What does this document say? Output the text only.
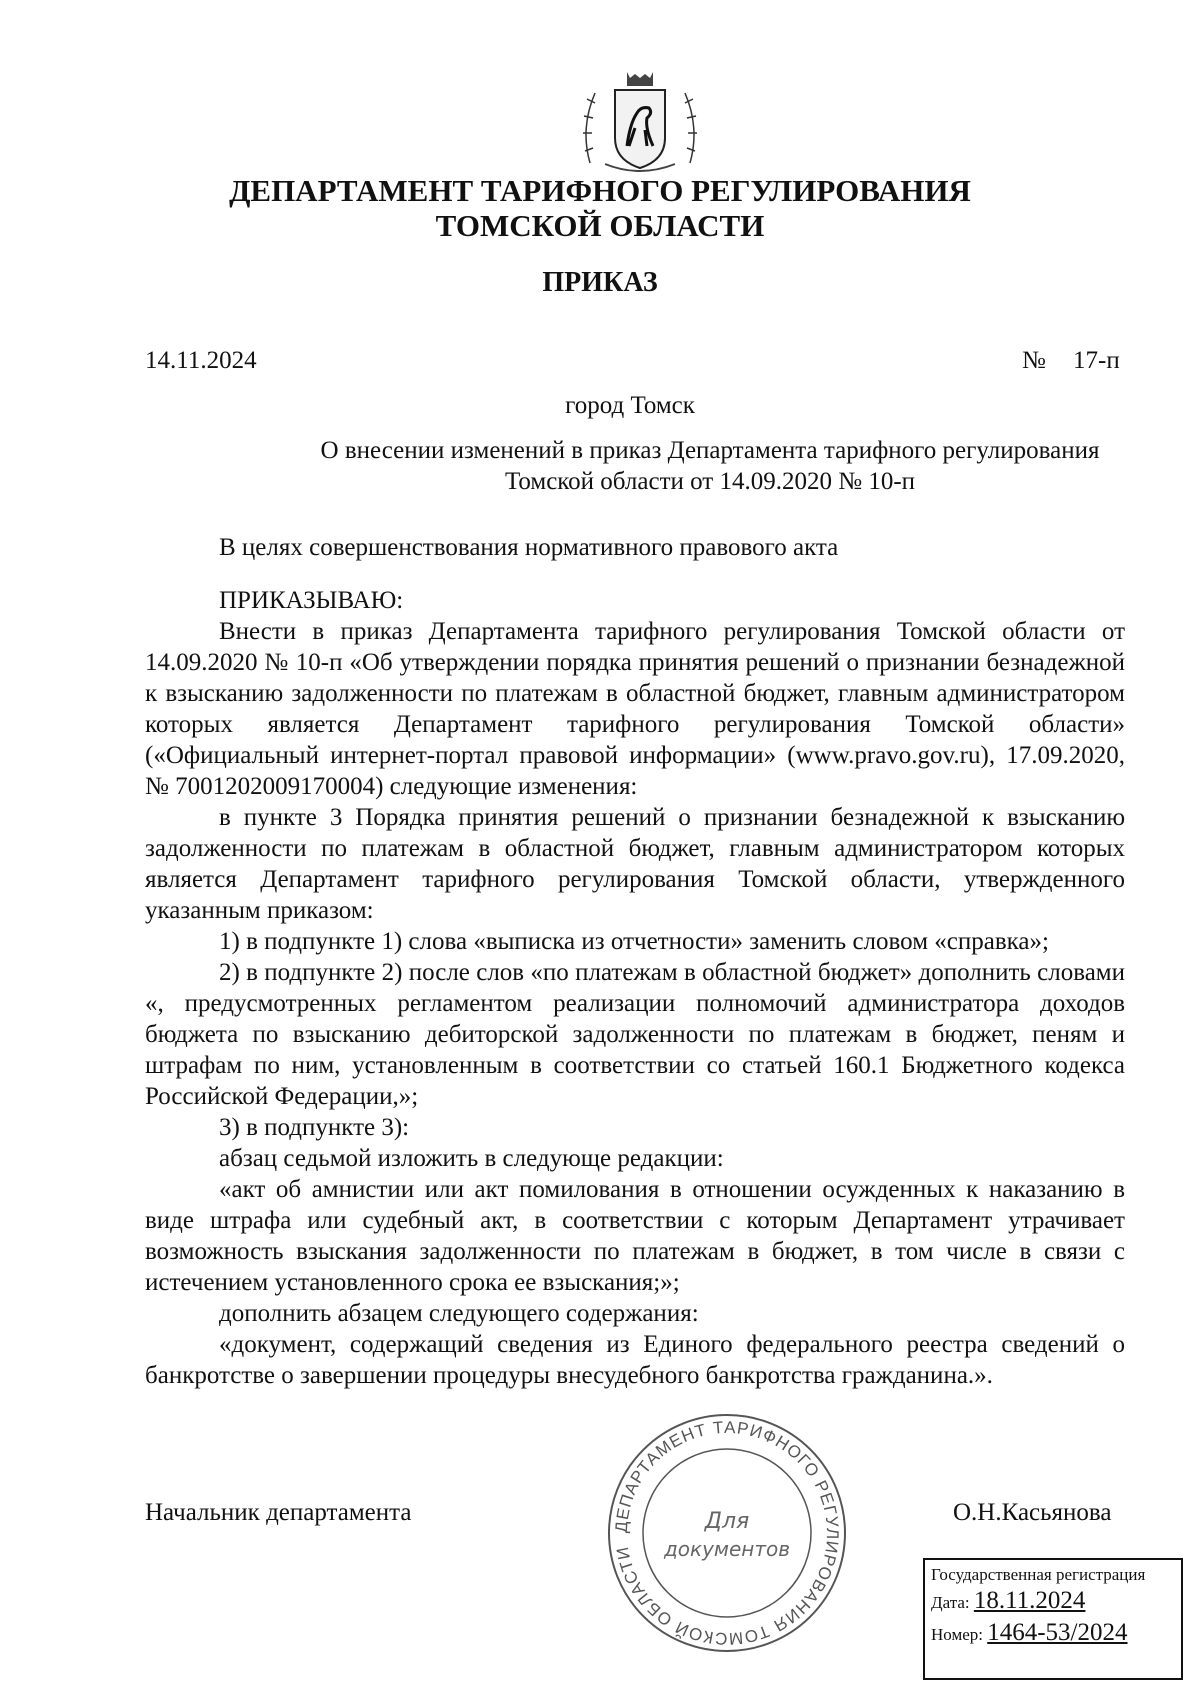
ДЕПАРТАМЕНТ ТАРИФНОГО РЕГУЛИРОВАНИЯ
ТОМСКОЙ ОБЛАСТИ
ПРИКАЗ
14.11.2024	№ 17-п
город Томск
О внесении изменений в приказ Департамента тарифного регулирования
Томской области от 14.09.2020 № 10-п

В целях совершенствования нормативного правового акта

ПРИКАЗЫВАЮ:

Внести в приказ Департамента тарифного регулирования Томской области от 14.09.2020 № 10-п «Об утверждении порядка принятия решений о признании безнадежной к взысканию задолженности по платежам в областной бюджет, главным администратором которых является Департамент тарифного регулирования Томской области» («Официальный интернет-портал правовой информации» (www.pravo.gov.ru), 17.09.2020, № 7001202009170004) следующие изменения:

в пункте 3 Порядка принятия решений о признании безнадежной к взысканию задолженности по платежам в областной бюджет, главным администратором которых является Департамент тарифного регулирования Томской области, утвержденного указанным приказом:

1) в подпункте 1) слова «выписка из отчетности» заменить словом «справка»;

2) в подпункте 2) после слов «по платежам в областной бюджет» дополнить словами «, предусмотренных регламентом реализации полномочий администратора доходов бюджета по взысканию дебиторской задолженности по платежам в бюджет, пеням и штрафам по ним, установленным в соответствии со статьей 160.1 Бюджетного кодекса Российской Федерации,»;

3) в подпункте 3):

абзац седьмой изложить в следующе редакции:

«акт об амнистии или акт помилования в отношении осужденных к наказанию в виде штрафа или судебный акт, в соответствии с которым Департамент утрачивает возможность взыскания задолженности по платежам в бюджет, в том числе в связи с истечением установленного срока ее взыскания;»;

дополнить абзацем следующего содержания:

«документ, содержащий сведения из Единого федерального реестра сведений о банкротстве о завершении процедуры внесудебного банкротства гражданина.».

Начальник департамента	О.Н.Касьянова
ДЕПАРТАМЕНТ ТАРИФНОГО РЕГУЛИРОВАНИЯ ТОМСКОЙ ОБЛАСТИ
Для
документов
Государственная регистрация
Дата: 18.11.2024
Номер: 1464-53/2024
